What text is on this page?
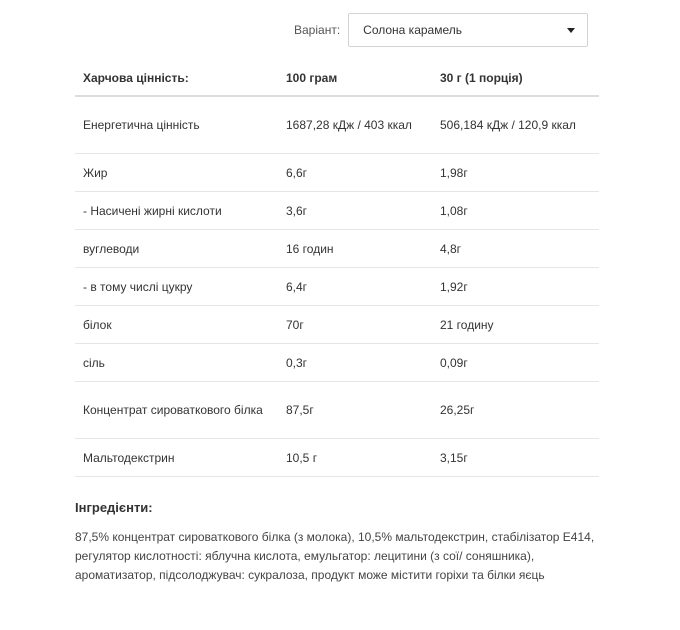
Варіант: Солона карамель
Харчова цінність:	100 грам	30 г (1 порція)
Енергетична цінність	1687,28 кДж / 403 ккал	506,184 кДж / 120,9 ккал
Жир	6,6г	1,98г
- Насичені жирні кислоти	3,6г	1,08г
вуглеводи	16 годин	4,8г
- в тому числі цукру	6,4г	1,92г
білок	70г	21 годину
сіль	0,3г	0,09г
Концентрат сироваткового білка	87,5г	26,25г
Мальтодекстрин	10,5 г	3,15г
Інгредієнти:

87,5% концентрат сироваткового білка (з молока), 10,5% мальтодекстрин, стабілізатор Е414, регулятор кислотності: яблучна кислота, емульгатор: лецитини (з сої/ соняшника), ароматизатор, підсолоджувач: сукралоза, продукт може містити горіхи та білки яєць
